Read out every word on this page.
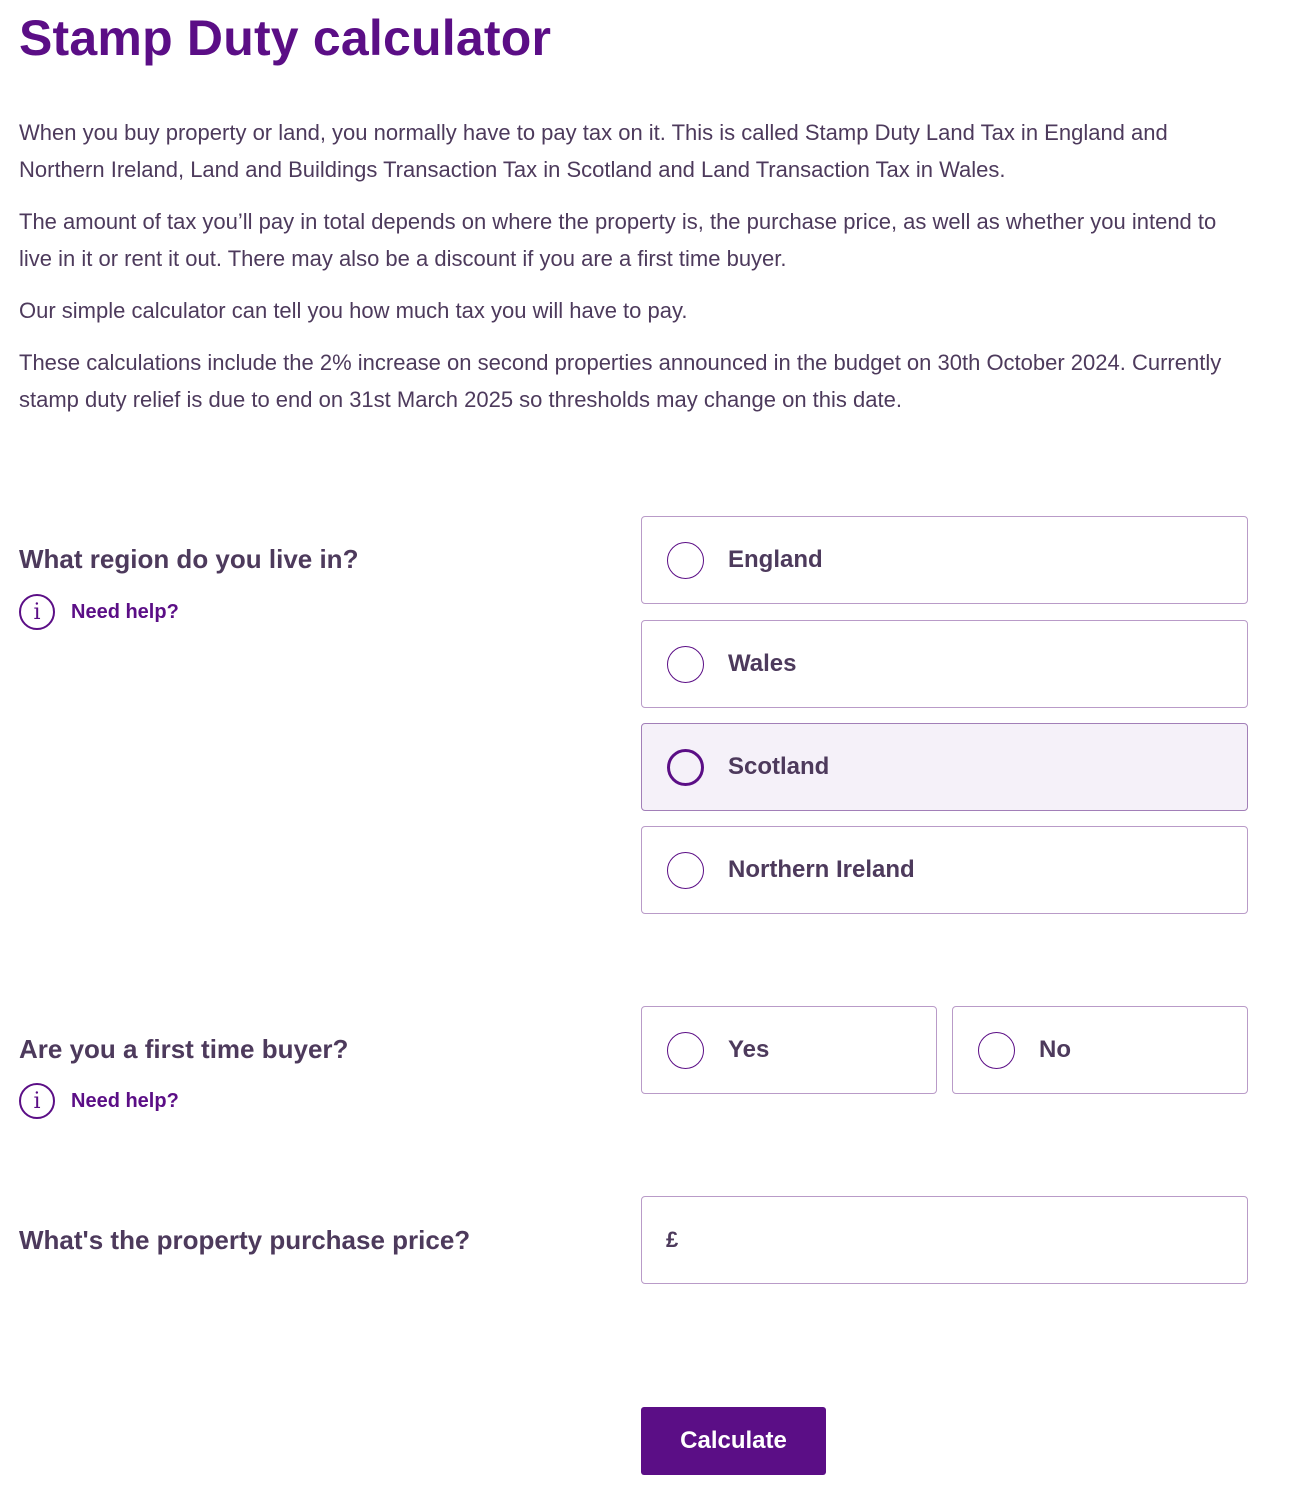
Stamp Duty calculator

When you buy property or land, you normally have to pay tax on it. This is called Stamp Duty Land Tax in England and Northern Ireland, Land and Buildings Transaction Tax in Scotland and Land Transaction Tax in Wales.

The amount of tax you’ll pay in total depends on where the property is, the purchase price, as well as whether you intend to live in it or rent it out. There may also be a discount if you are a first time buyer.

Our simple calculator can tell you how much tax you will have to pay.

These calculations include the 2% increase on second properties announced in the budget on 30th October 2024. Currently stamp duty relief is due to end on 31st March 2025 so thresholds may change on this date.

What region do you live in?
i	Need help?
England
Wales
Scotland
Northern Ireland
Are you a first time buyer?
i	Need help?
Yes	No
What's the property purchase price?	£
Calculate
